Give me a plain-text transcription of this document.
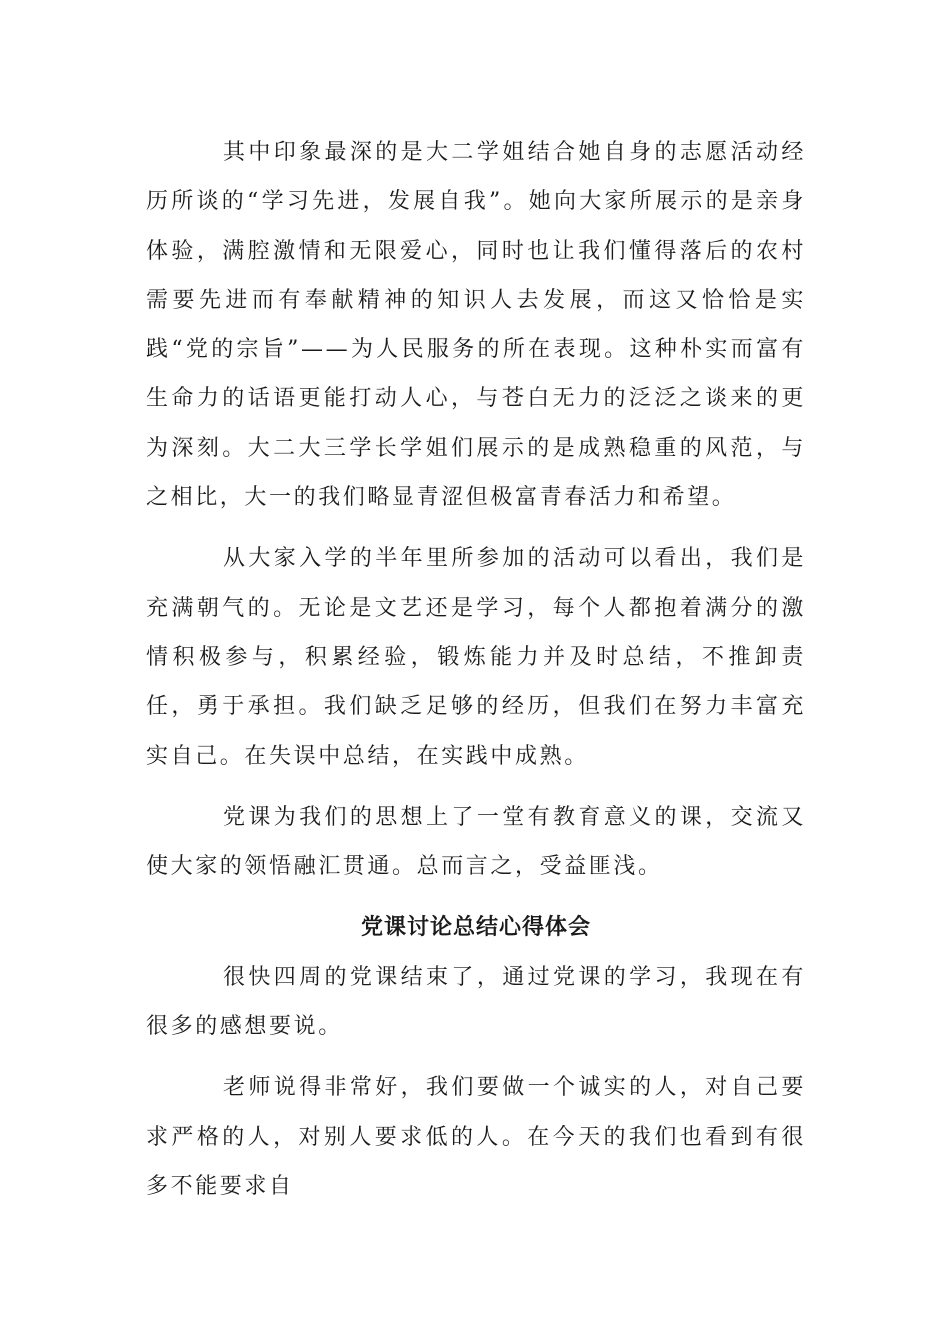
其中印象最深的是大二学姐结合她自身的志愿活动经历所谈的“学习先进，发展自我”。她向大家所展示的是亲身体验，满腔激情和无限爱心，同时也让我们懂得落后的农村需要先进而有奉献精神的知识人去发展，而这又恰恰是实践“党的宗旨”——为人民服务的所在表现。这种朴实而富有生命力的话语更能打动人心，与苍白无力的泛泛之谈来的更为深刻。大二大三学长学姐们展示的是成熟稳重的风范，与之相比，大一的我们略显青涩但极富青春活力和希望。

从大家入学的半年里所参加的活动可以看出，我们是充满朝气的。无论是文艺还是学习，每个人都抱着满分的激情积极参与，积累经验，锻炼能力并及时总结，不推卸责任，勇于承担。我们缺乏足够的经历，但我们在努力丰富充实自己。在失误中总结，在实践中成熟。

党课为我们的思想上了一堂有教育意义的课，交流又使大家的领悟融汇贯通。总而言之，受益匪浅。

党课讨论总结心得体会

很快四周的党课结束了，通过党课的学习，我现在有很多的感想要说。

老师说得非常好，我们要做一个诚实的人，对自己要求严格的人，对别人要求低的人。在今天的我们也看到有很多不能要求自
